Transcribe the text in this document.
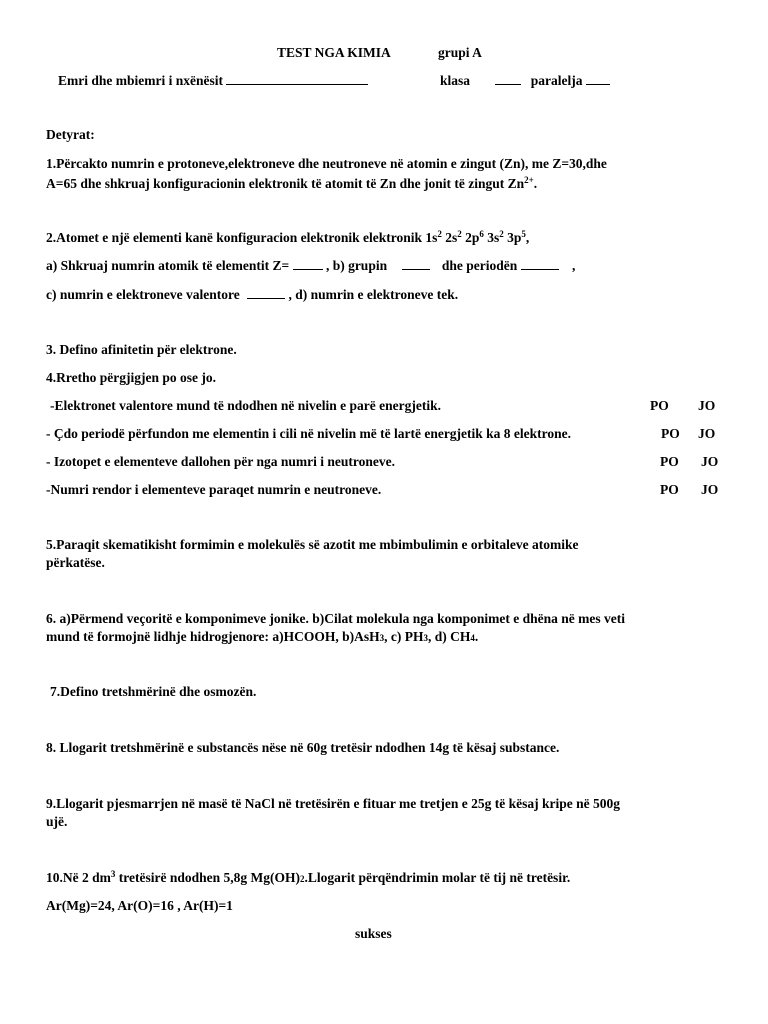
TEST NGA KIMIA	grupi A
Emri dhe mbiemri i nxënësit	klasa	paralelja
Detyrat:
1.Përcakto numrin e protoneve,elektroneve dhe neutroneve në atomin e zingut (Zn), me Z=30,dhe
A=65 dhe shkruaj konfiguracionin elektronik të atomit të Zn dhe jonit të zingut $Zn^{2+}$.
2.Atomet e një elementi kanë konfiguracion elektronik elektronik $1s^2$ $2s^2$ $2p^6$ $3s^2$ $3p^5$,
a) Shkruaj numrin atomik të elementit Z=	, b) grupin	dhe periodën	,
c) numrin e elektroneve valentore	, d) numrin e elektroneve tek.
3. Defino afinitetin për elektrone.
4.Rretho përgjigjen po ose jo.
-Elektronet valentore mund të ndodhen në nivelin e parë energjetik.	PO JO
- Çdo periodë përfundon me elementin i cili në nivelin më të lartë energjetik ka 8 elektrone.	PO JO
- Izotopet e elementeve dallohen për nga numri i neutroneve.	PO JO
-Numri rendor i elementeve paraqet numrin e neutroneve.	PO JO
5.Paraqit skematikisht formimin e molekulës së azotit me mbimbulimin e orbitaleve atomike
përkatëse.
6. a)Përmend veçoritë e komponimeve jonike. b)Cilat molekula nga komponimet e dhëna në mes veti
mund të formojnë lidhje hidrogjenore: a)HCOOH, b)AsH3, c) PH3, d) CH4.
7.Defino tretshmërinë dhe osmozën.
8. Llogarit tretshmërinë e substancës nëse në 60g tretësir ndodhen 14g të kësaj substance.
9.Llogarit pjesmarrjen në masë të NaCl në tretësirën e fituar me tretjen e 25g të kësaj kripe në 500g
ujë.
10.Në 2 $dm^3$ tretësirë ndodhen 5,8g Mg(OH)2.Llogarit përqëndrimin molar të tij në tretësir.
Ar(Mg)=24, Ar(O)=16 , Ar(H)=1
sukses
